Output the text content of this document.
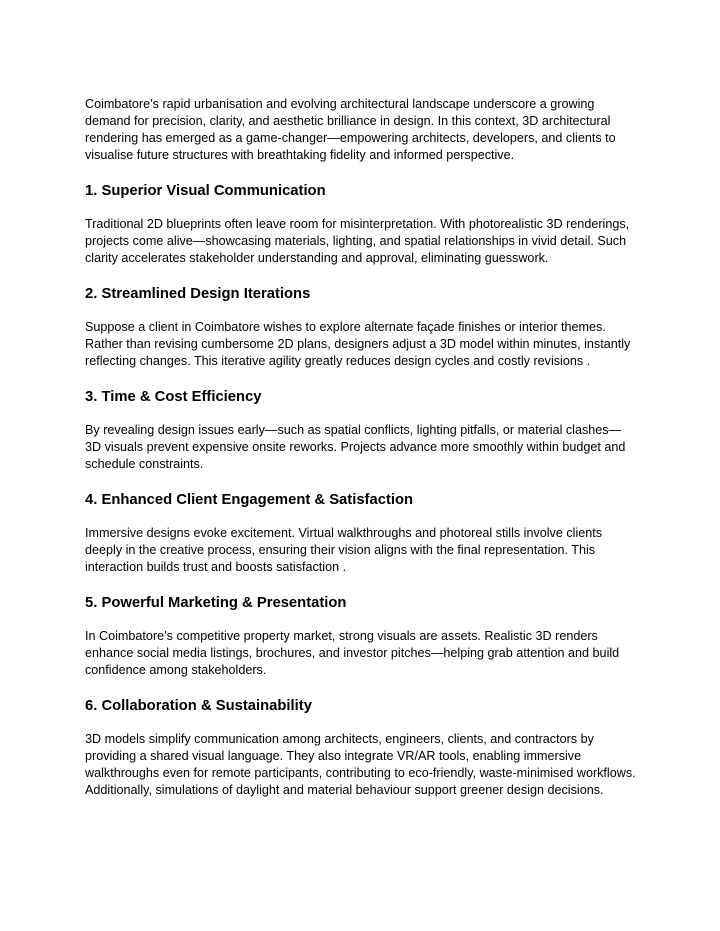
Coimbatore’s rapid urbanisation and evolving architectural landscape underscore a growing demand for precision, clarity, and aesthetic brilliance in design. In this context, 3D architectural rendering has emerged as a game-changer—empowering architects, developers, and clients to visualise future structures with breathtaking fidelity and informed perspective.

1. Superior Visual Communication

Traditional 2D blueprints often leave room for misinterpretation. With photorealistic 3D renderings, projects come alive—showcasing materials, lighting, and spatial relationships in vivid detail. Such clarity accelerates stakeholder understanding and approval, eliminating guesswork.

2. Streamlined Design Iterations

Suppose a client in Coimbatore wishes to explore alternate façade finishes or interior themes. Rather than revising cumbersome 2D plans, designers adjust a 3D model within minutes, instantly reflecting changes. This iterative agility greatly reduces design cycles and costly revisions .

3. Time & Cost Efficiency

By revealing design issues early—such as spatial conflicts, lighting pitfalls, or material clashes—3D visuals prevent expensive onsite reworks. Projects advance more smoothly within budget and schedule constraints.

4. Enhanced Client Engagement & Satisfaction

Immersive designs evoke excitement. Virtual walkthroughs and photoreal stills involve clients deeply in the creative process, ensuring their vision aligns with the final representation. This interaction builds trust and boosts satisfaction .

5. Powerful Marketing & Presentation

In Coimbatore’s competitive property market, strong visuals are assets. Realistic 3D renders enhance social media listings, brochures, and investor pitches—helping grab attention and build confidence among stakeholders.

6. Collaboration & Sustainability

3D models simplify communication among architects, engineers, clients, and contractors by providing a shared visual language. They also integrate VR/AR tools, enabling immersive walkthroughs even for remote participants, contributing to eco-friendly, waste-minimised workflows. Additionally, simulations of daylight and material behaviour support greener design decisions.
